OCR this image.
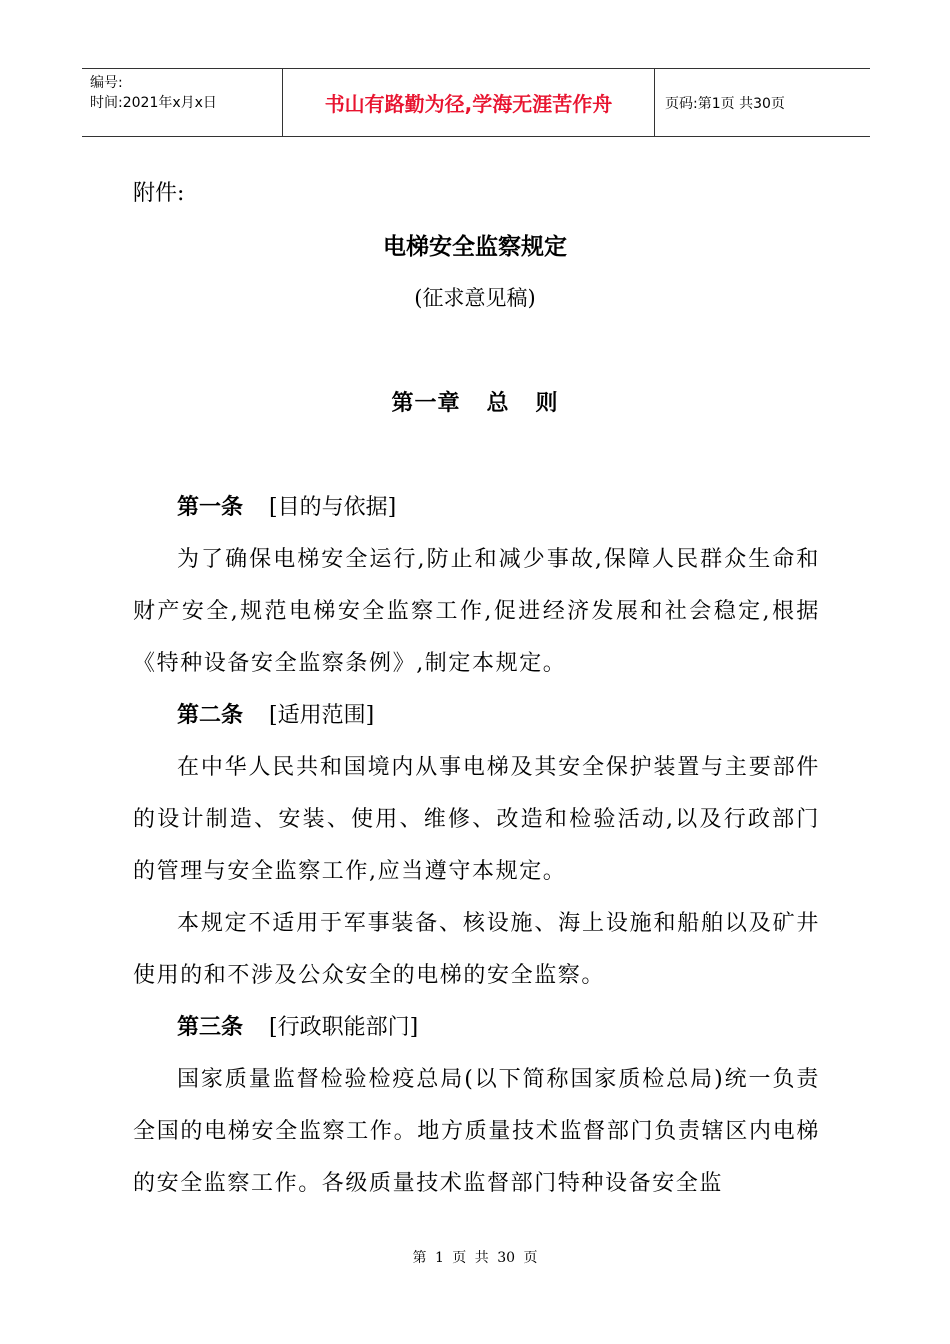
编号:
时间:2021年x月x日	书山有路勤为径,学海无涯苦作舟	页码:第1页 共30页
附件:
电梯安全监察规定
(征求意见稿)
第一章   总   则
第一条 [目的与依据]

为了确保电梯安全运行,防止和减少事故,保障人民群众生命和财产安全,规范电梯安全监察工作,促进经济发展和社会稳定,根据《特种设备安全监察条例》,制定本规定。

第二条 [适用范围]

在中华人民共和国境内从事电梯及其安全保护装置与主要部件的设计制造、安装、使用、维修、改造和检验活动,以及行政部门的管理与安全监察工作,应当遵守本规定。

本规定不适用于军事装备、核设施、海上设施和船舶以及矿井使用的和不涉及公众安全的电梯的安全监察。

第三条 [行政职能部门]

国家质量监督检验检疫总局(以下简称国家质检总局)统一负责全国的电梯安全监察工作。地方质量技术监督部门负责辖区内电梯的安全监察工作。各级质量技术监督部门特种设备安全监

第 1 页 共 30 页
